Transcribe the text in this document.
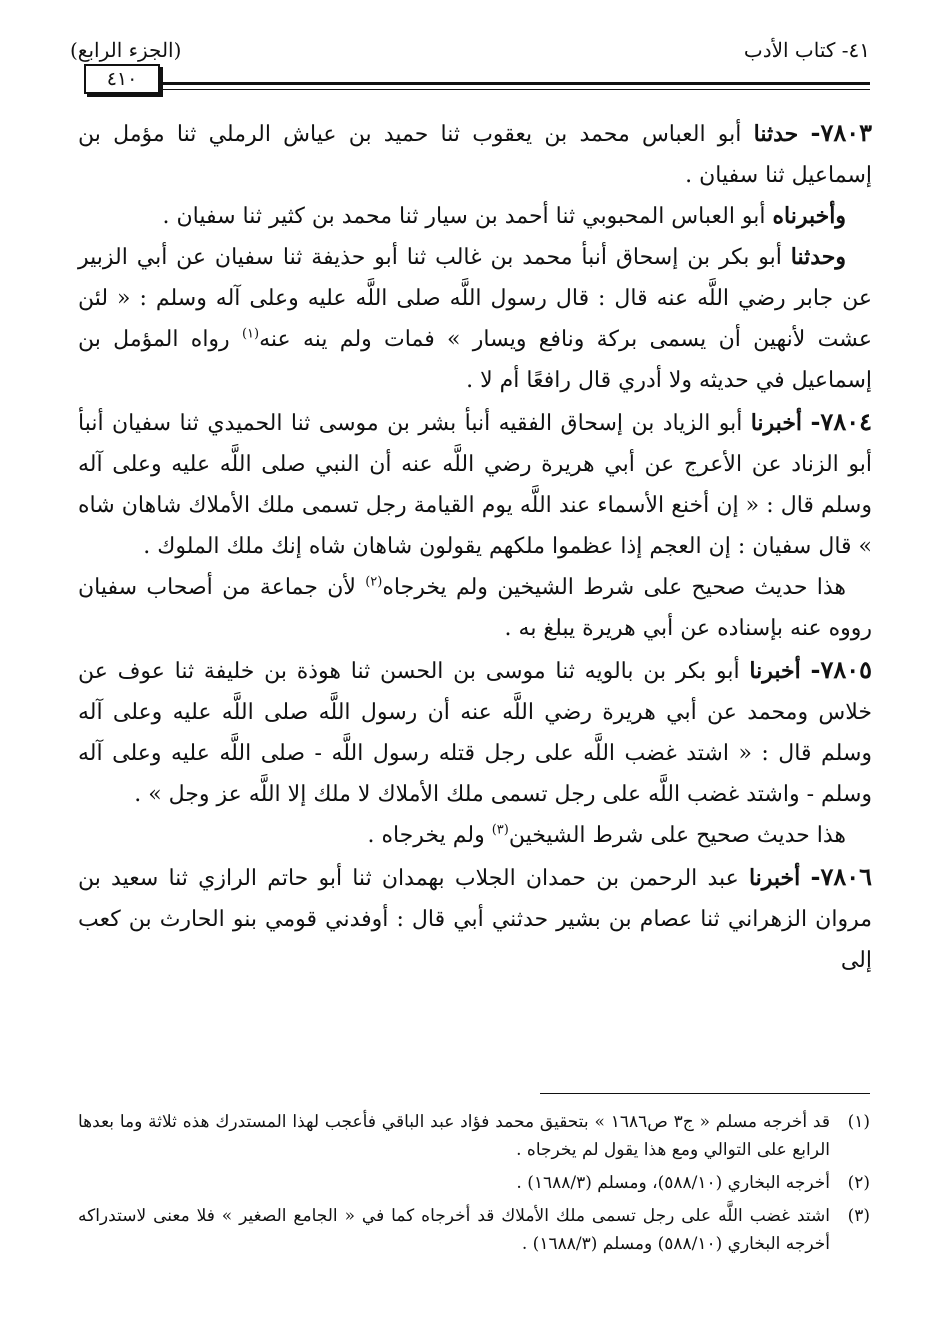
٤١- كتاب الأدب
(الجزء الرابع)
٤١٠

٧٨٠٣- حدثنا أبو العباس محمد بن يعقوب ثنا حميد بن عياش الرملي ثنا مؤمل بن إسماعيل ثنا سفيان .

وأخبرناه أبو العباس المحبوبي ثنا أحمد بن سيار ثنا محمد بن كثير ثنا سفيان .

وحدثنا أبو بكر بن إسحاق أنبأ محمد بن غالب ثنا أبو حذيفة ثنا سفيان عن أبي الزبير عن جابر رضي اللَّه عنه قال : قال رسول اللَّه صلى اللَّه عليه وعلى آله وسلم : « لئن عشت لأنهين أن يسمى بركة ونافع ويسار » فمات ولم ينه عنه$^{(١)}$ رواه المؤمل بن إسماعيل في حديثه ولا أدري قال رافعًا أم لا .

٧٨٠٤- أخبرنا أبو الزياد بن إسحاق الفقيه أنبأ بشر بن موسى ثنا الحميدي ثنا سفيان أنبأ أبو الزناد عن الأعرج عن أبي هريرة رضي اللَّه عنه أن النبي صلى اللَّه عليه وعلى آله وسلم قال : « إن أخنع الأسماء عند اللَّه يوم القيامة رجل تسمى ملك الأملاك شاهان شاه » قال سفيان : إن العجم إذا عظموا ملكهم يقولون شاهان شاه إنك ملك الملوك .

هذا حديث صحيح على شرط الشيخين ولم يخرجاه$^{(٢)}$ لأن جماعة من أصحاب سفيان رووه عنه بإسناده عن أبي هريرة يبلغ به .

٧٨٠٥- أخبرنا أبو بكر بن بالويه ثنا موسى بن الحسن ثنا هوذة بن خليفة ثنا عوف عن خلاس ومحمد عن أبي هريرة رضي اللَّه عنه أن رسول اللَّه صلى اللَّه عليه وعلى آله وسلم قال : « اشتد غضب اللَّه على رجل قتله رسول اللَّه - صلى اللَّه عليه وعلى آله وسلم - واشتد غضب اللَّه على رجل تسمى ملك الأملاك لا ملك إلا اللَّه عز وجل » .

هذا حديث صحيح على شرط الشيخين$^{(٣)}$ ولم يخرجاه .

٧٨٠٦- أخبرنا عبد الرحمن بن حمدان الجلاب بهمدان ثنا أبو حاتم الرازي ثنا سعيد بن مروان الزهراني ثنا عصام بن بشير حدثني أبي قال : أوفدني قومي بنو الحارث بن كعب إلى

(١)
قد أخرجه مسلم « ج٣ ص١٦٨٦ » بتحقيق محمد فؤاد عبد الباقي فأعجب لهذا المستدرك هذه ثلاثة وما بعدها الرابع على التوالي ومع هذا يقول لم يخرجاه .
(٢)
أخرجه البخاري (٥٨٨/١٠)، ومسلم (١٦٨٨/٣) .
(٣)
اشتد غضب اللَّه على رجل تسمى ملك الأملاك قد أخرجاه كما في « الجامع الصغير » فلا معنى لاستدراكه أخرجه البخاري (٥٨٨/١٠) ومسلم (١٦٨٨/٣) .
